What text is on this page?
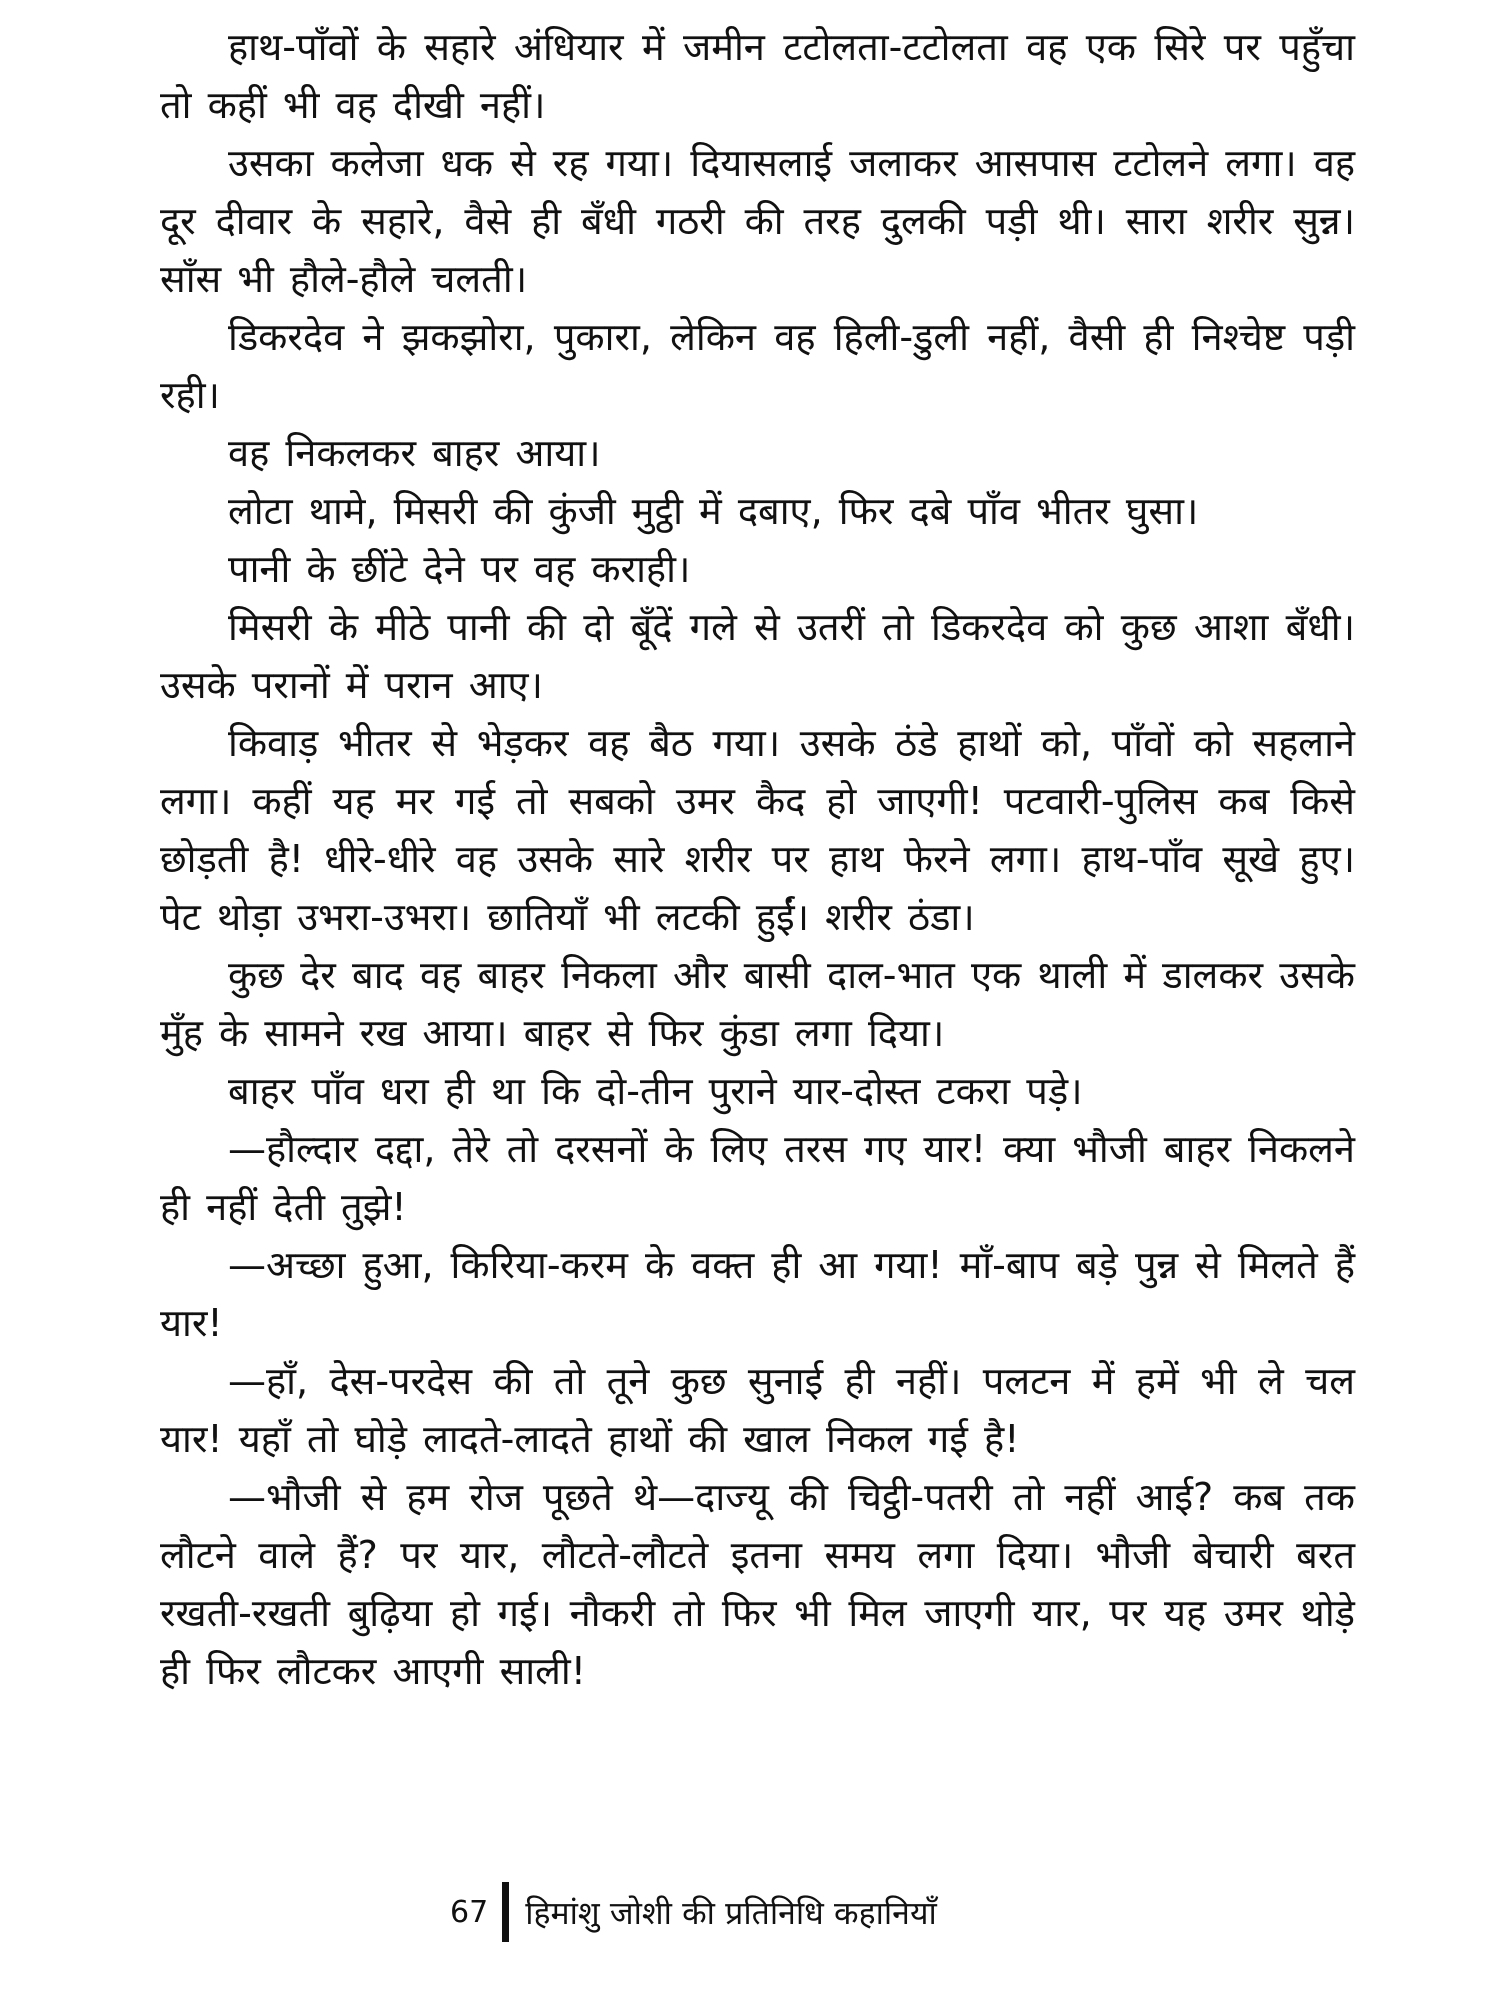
हाथ-पाँवों के सहारे अंधियार में जमीन टटोलता-टटोलता वह एक सिरे पर पहुँचा तो कहीं भी वह दीखी नहीं।

उसका कलेजा धक से रह गया। दियासलाई जलाकर आसपास टटोलने लगा। वह दूर दीवार के सहारे, वैसे ही बँधी गठरी की तरह दुलकी पड़ी थी। सारा शरीर सुन्न। साँस भी हौले-हौले चलती।

डिकरदेव ने झकझोरा, पुकारा, लेकिन वह हिली-डुली नहीं, वैसी ही निश्चेष्ट पड़ी रही।

वह निकलकर बाहर आया।

लोटा थामे, मिसरी की कुंजी मुट्ठी में दबाए, फिर दबे पाँव भीतर घुसा।

पानी के छींटे देने पर वह कराही।

मिसरी के मीठे पानी की दो बूँदें गले से उतरीं तो डिकरदेव को कुछ आशा बँधी। उसके परानों में परान आए।

किवाड़ भीतर से भेड़कर वह बैठ गया। उसके ठंडे हाथों को, पाँवों को सहलाने लगा। कहीं यह मर गई तो सबको उमर कैद हो जाएगी! पटवारी-पुलिस कब किसे छोड़ती है! धीरे-धीरे वह उसके सारे शरीर पर हाथ फेरने लगा। हाथ-पाँव सूखे हुए। पेट थोड़ा उभरा-उभरा। छातियाँ भी लटकी हुईं। शरीर ठंडा।

कुछ देर बाद वह बाहर निकला और बासी दाल-भात एक थाली में डालकर उसके मुँह के सामने रख आया। बाहर से फिर कुंडा लगा दिया।

बाहर पाँव धरा ही था कि दो-तीन पुराने यार-दोस्त टकरा पड़े।

—हौल्दार दद्दा, तेरे तो दरसनों के लिए तरस गए यार! क्या भौजी बाहर निकलने ही नहीं देती तुझे!

—अच्छा हुआ, किरिया-करम के वक्त ही आ गया! माँ-बाप बड़े पुन्न से मिलते हैं यार!

—हाँ, देस-परदेस की तो तूने कुछ सुनाई ही नहीं। पलटन में हमें भी ले चल यार! यहाँ तो घोड़े लादते-लादते हाथों की खाल निकल गई है!

—भौजी से हम रोज पूछते थे—दाज्यू की चिट्ठी-पतरी तो नहीं आई? कब तक लौटने वाले हैं? पर यार, लौटते-लौटते इतना समय लगा दिया। भौजी बेचारी बरत रखती-रखती बुढ़िया हो गई। नौकरी तो फिर भी मिल जाएगी यार, पर यह उमर थोड़े ही फिर लौटकर आएगी साली!

67 हिमांशु जोशी की प्रतिनिधि कहानियाँ
